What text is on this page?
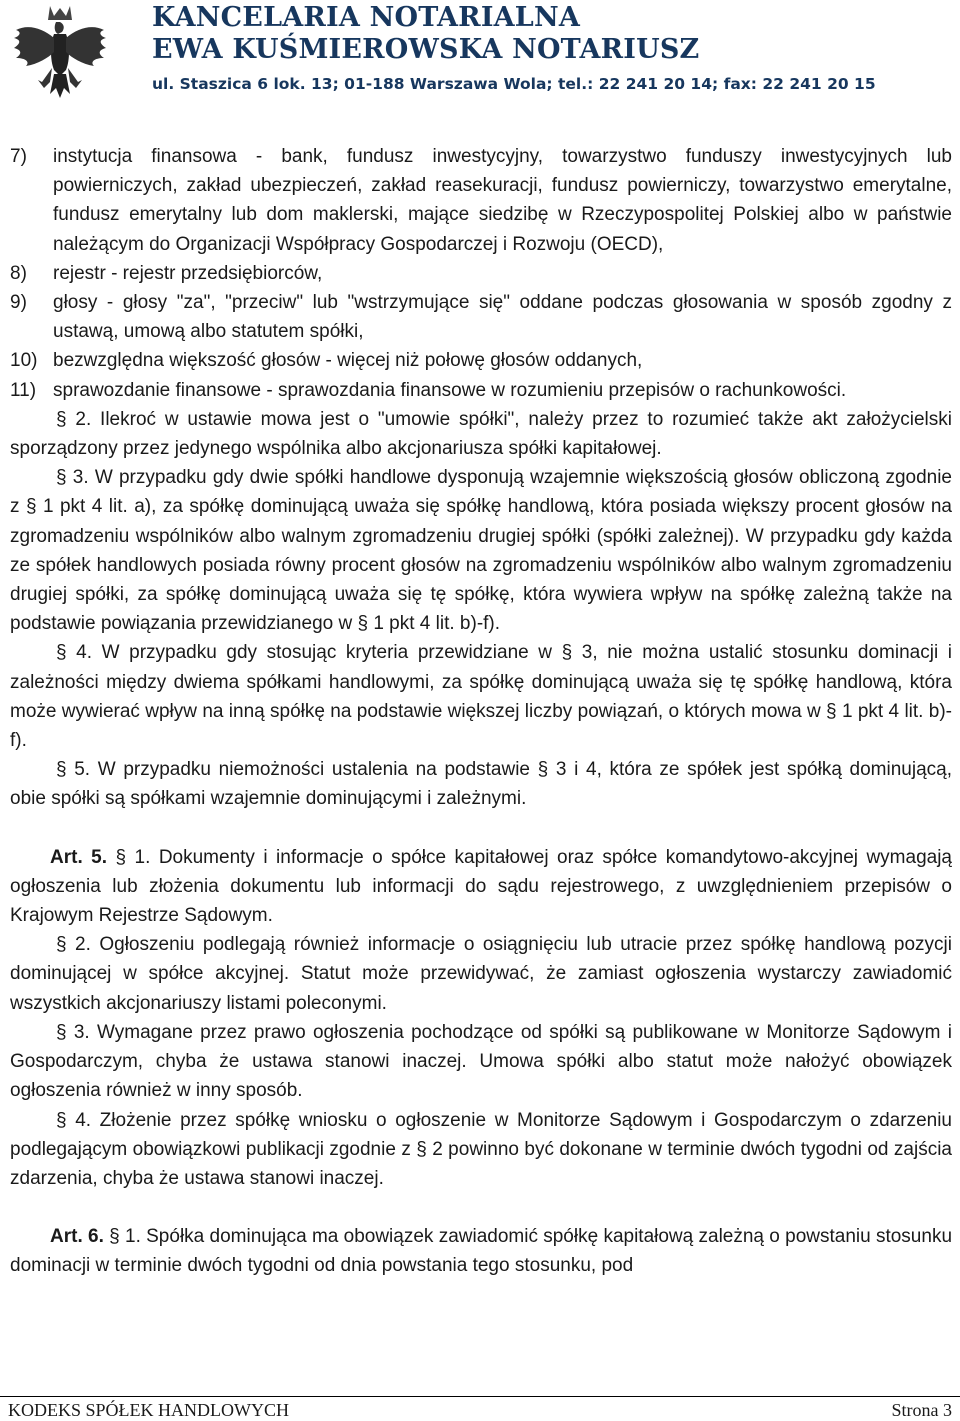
KANCELARIA NOTARIALNA
EWA KUŚMIEROWSKA NOTARIUSZ
ul. Staszica 6 lok. 13; 01-188 Warszawa Wola; tel.: 22 241 20 14; fax: 22 241 20 15
7) instytucja finansowa - bank, fundusz inwestycyjny, towarzystwo funduszy inwestycyjnych lub powierniczych, zakład ubezpieczeń, zakład reasekuracji, fundusz powierniczy, towarzystwo emerytalne, fundusz emerytalny lub dom maklerski, mające siedzibę w Rzeczypospolitej Polskiej albo w państwie należącym do Organizacji Współpracy Gospodarczej i Rozwoju (OECD),
8) rejestr - rejestr przedsiębiorców,
9) głosy - głosy "za", "przeciw" lub "wstrzymujące się" oddane podczas głosowania w sposób zgodny z ustawą, umową albo statutem spółki,
10) bezwzględna większość głosów - więcej niż połowę głosów oddanych,
11) sprawozdanie finansowe - sprawozdania finansowe w rozumieniu przepisów o rachunkowości.
§ 2. Ilekroć w ustawie mowa jest o "umowie spółki", należy przez to rozumieć także akt założycielski sporządzony przez jedynego wspólnika albo akcjonariusza spółki kapitałowej.
§ 3. W przypadku gdy dwie spółki handlowe dysponują wzajemnie większością głosów obliczoną zgodnie z § 1 pkt 4 lit. a), za spółkę dominującą uważa się spółkę handlową, która posiada większy procent głosów na zgromadzeniu wspólników albo walnym zgromadzeniu drugiej spółki (spółki zależnej). W przypadku gdy każda ze spółek handlowych posiada równy procent głosów na zgromadzeniu wspólników albo walnym zgromadzeniu drugiej spółki, za spółkę dominującą uważa się tę spółkę, która wywiera wpływ na spółkę zależną także na podstawie powiązania przewidzianego w § 1 pkt 4 lit. b)-f).
§ 4. W przypadku gdy stosując kryteria przewidziane w § 3, nie można ustalić stosunku dominacji i zależności między dwiema spółkami handlowymi, za spółkę dominującą uważa się tę spółkę handlową, która może wywierać wpływ na inną spółkę na podstawie większej liczby powiązań, o których mowa w § 1 pkt 4 lit. b)-f).
§ 5. W przypadku niemożności ustalenia na podstawie § 3 i 4, która ze spółek jest spółką dominującą, obie spółki są spółkami wzajemnie dominującymi i zależnymi.
Art. 5. § 1. Dokumenty i informacje o spółce kapitałowej oraz spółce komandytowo-akcyjnej wymagają ogłoszenia lub złożenia dokumentu lub informacji do sądu rejestrowego, z uwzględnieniem przepisów o Krajowym Rejestrze Sądowym.
§ 2. Ogłoszeniu podlegają również informacje o osiągnięciu lub utracie przez spółkę handlową pozycji dominującej w spółce akcyjnej. Statut może przewidywać, że zamiast ogłoszenia wystarczy zawiadomić wszystkich akcjonariuszy listami poleconymi.
§ 3. Wymagane przez prawo ogłoszenia pochodzące od spółki są publikowane w Monitorze Sądowym i Gospodarczym, chyba że ustawa stanowi inaczej. Umowa spółki albo statut może nałożyć obowiązek ogłoszenia również w inny sposób.
§ 4. Złożenie przez spółkę wniosku o ogłoszenie w Monitorze Sądowym i Gospodarczym o zdarzeniu podlegającym obowiązkowi publikacji zgodnie z § 2 powinno być dokonane w terminie dwóch tygodni od zajścia zdarzenia, chyba że ustawa stanowi inaczej.
Art. 6. § 1. Spółka dominująca ma obowiązek zawiadomić spółkę kapitałową zależną o powstaniu stosunku dominacji w terminie dwóch tygodni od dnia powstania tego stosunku, pod
KODEKS SPÓŁEK HANDLOWYCH	Strona 3
